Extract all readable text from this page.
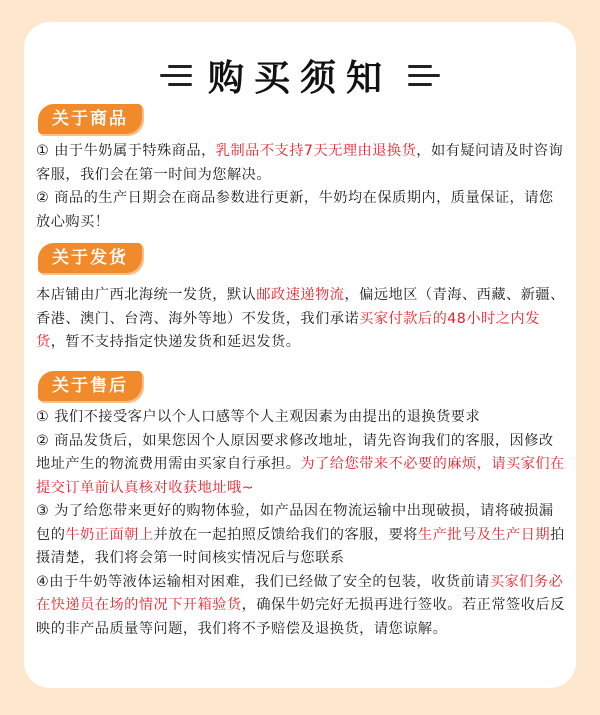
购买须知
关于商品

① 由于牛奶属于特殊商品，乳制品不支持7天无理由退换货，如有疑问请及时咨询客服，我们会在第一时间为您解决。

② 商品的生产日期会在商品参数进行更新，牛奶均在保质期内，质量保证，请您放心购买！

关于发货

本店铺由广西北海统一发货，默认邮政速递物流，偏远地区（青海、西藏、新疆、香港、澳门、台湾、海外等地）不发货，我们承诺买家付款后的48小时之内发货，暂不支持指定快递发货和延迟发货。

关于售后

① 我们不接受客户以个人口感等个人主观因素为由提出的退换货要求

② 商品发货后，如果您因个人原因要求修改地址，请先咨询我们的客服，因修改地址产生的物流费用需由买家自行承担。为了给您带来不必要的麻烦，请买家们在提交订单前认真核对收获地址哦~

③ 为了给您带来更好的购物体验，如产品因在物流运输中出现破损，请将破损漏包的牛奶正面朝上并放在一起拍照反馈给我们的客服，要将生产批号及生产日期拍摄清楚，我们将会第一时间核实情况后与您联系

④由于牛奶等液体运输相对困难，我们已经做了安全的包装，收货前请买家们务必在快递员在场的情况下开箱验货，确保牛奶完好无损再进行签收。若正常签收后反映的非产品质量等问题，我们将不予赔偿及退换货，请您谅解。
